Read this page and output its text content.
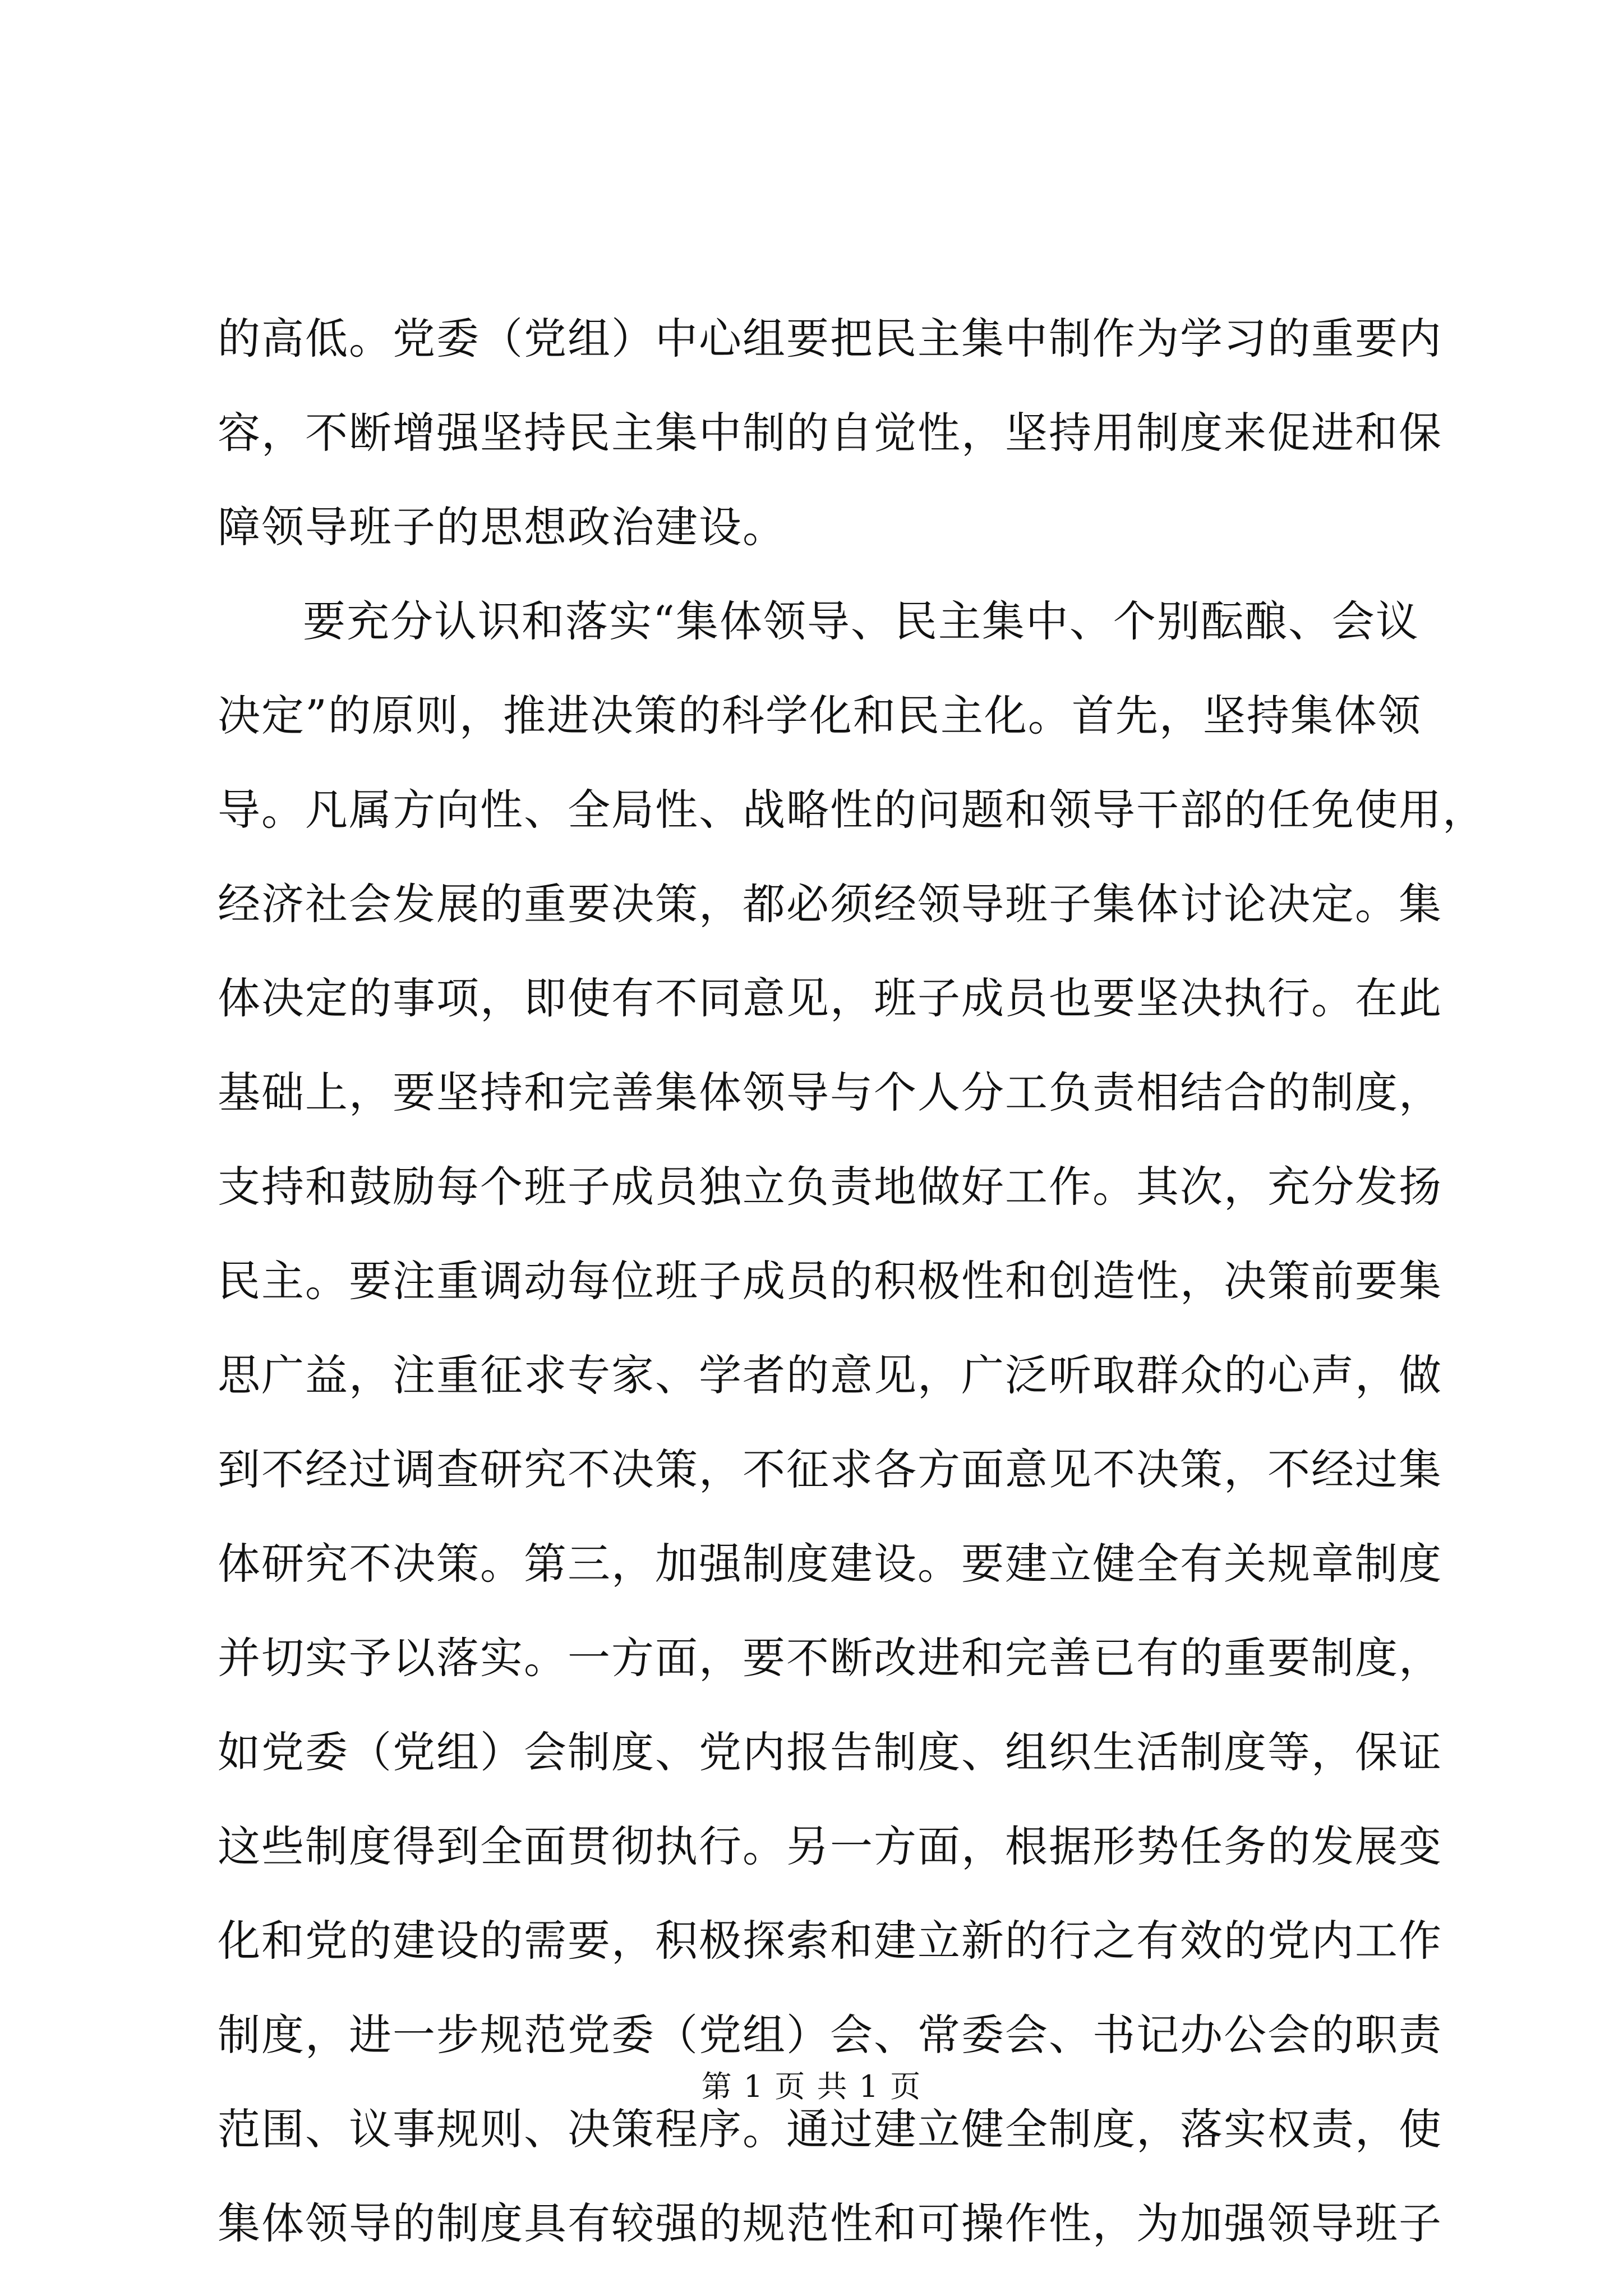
的高低。党委（党组）中心组要把民主集中制作为学习的重要内
容，不断增强坚持民主集中制的自觉性，坚持用制度来促进和保
障领导班子的思想政治建设。
要充分认识和落实“集体领导、民主集中、个别酝酿、会议
决定”的原则，推进决策的科学化和民主化。首先，坚持集体领
导。凡属方向性、全局性、战略性的问题和领导干部的任免使用，
经济社会发展的重要决策，都必须经领导班子集体讨论决定。集
体决定的事项，即使有不同意见，班子成员也要坚决执行。在此
基础上，要坚持和完善集体领导与个人分工负责相结合的制度，
支持和鼓励每个班子成员独立负责地做好工作。其次，充分发扬
民主。要注重调动每位班子成员的积极性和创造性，决策前要集
思广益，注重征求专家、学者的意见，广泛听取群众的心声，做
到不经过调查研究不决策，不征求各方面意见不决策，不经过集
体研究不决策。第三，加强制度建设。要建立健全有关规章制度
并切实予以落实。一方面，要不断改进和完善已有的重要制度，
如党委（党组）会制度、党内报告制度、组织生活制度等，保证
这些制度得到全面贯彻执行。另一方面，根据形势任务的发展变
化和党的建设的需要，积极探索和建立新的行之有效的党内工作
制度，进一步规范党委（党组）会、常委会、书记办公会的职责
范围、议事规则、决策程序。通过建立健全制度，落实权责，使
集体领导的制度具有较强的规范性和可操作性，为加强领导班子
第 1 页 共 1 页
